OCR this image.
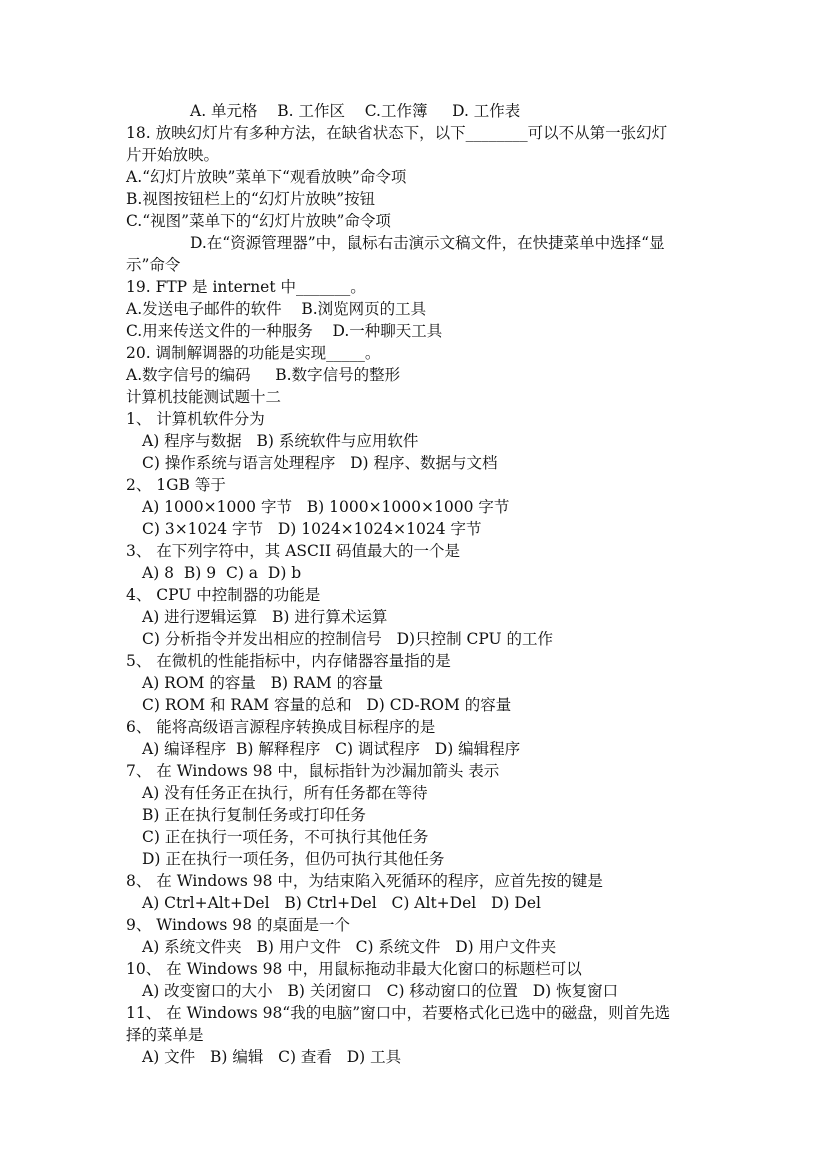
A. 单元格    B. 工作区    C.工作簿     D. 工作表
18. 放映幻灯片有多种方法，在缺省状态下，以下________可以不从第一张幻灯
片开始放映。
A.“幻灯片放映”菜单下“观看放映”命令项
B.视图按钮栏上的“幻灯片放映”按钮
C.“视图”菜单下的“幻灯片放映”命令项
D.在“资源管理器”中，鼠标右击演示文稿文件，在快捷菜单中选择“显
示”命令
19. FTP 是 internet 中_______。
A.发送电子邮件的软件    B.浏览网页的工具
C.用来传送文件的一种服务    D.一种聊天工具
20. 调制解调器的功能是实现_____。
A.数字信号的编码     B.数字信号的整形
计算机技能测试题十二
1、 计算机软件分为
A) 程序与数据   B) 系统软件与应用软件
C) 操作系统与语言处理程序   D) 程序、数据与文档
2、 1GB 等于
A) 1000×1000 字节   B) 1000×1000×1000 字节
C) 3×1024 字节   D) 1024×1024×1024 字节
3、 在下列字符中，其 ASCII 码值最大的一个是
A) 8  B) 9  C) a  D) b
4、 CPU 中控制器的功能是
A) 进行逻辑运算   B) 进行算术运算
C) 分析指令并发出相应的控制信号   D)只控制 CPU 的工作
5、 在微机的性能指标中，内存储器容量指的是
A) ROM 的容量   B) RAM 的容量
C) ROM 和 RAM 容量的总和   D) CD-ROM 的容量
6、 能将高级语言源程序转换成目标程序的是
A) 编译程序  B) 解释程序   C) 调试程序   D) 编辑程序
7、 在 Windows 98 中，鼠标指针为沙漏加箭头 表示
A) 没有任务正在执行，所有任务都在等待
B) 正在执行复制任务或打印任务
C) 正在执行一项任务，不可执行其他任务
D) 正在执行一项任务，但仍可执行其他任务
8、 在 Windows 98 中，为结束陷入死循环的程序，应首先按的键是
A) Ctrl+Alt+Del   B) Ctrl+Del   C) Alt+Del   D) Del
9、 Windows 98 的桌面是一个
A) 系统文件夹   B) 用户文件   C) 系统文件   D) 用户文件夹
10、 在 Windows 98 中，用鼠标拖动非最大化窗口的标题栏可以
A) 改变窗口的大小   B) 关闭窗口   C) 移动窗口的位置   D) 恢复窗口
11、 在 Windows 98“我的电脑”窗口中，若要格式化已选中的磁盘，则首先选
择的菜单是
A) 文件   B) 编辑   C) 查看   D) 工具
